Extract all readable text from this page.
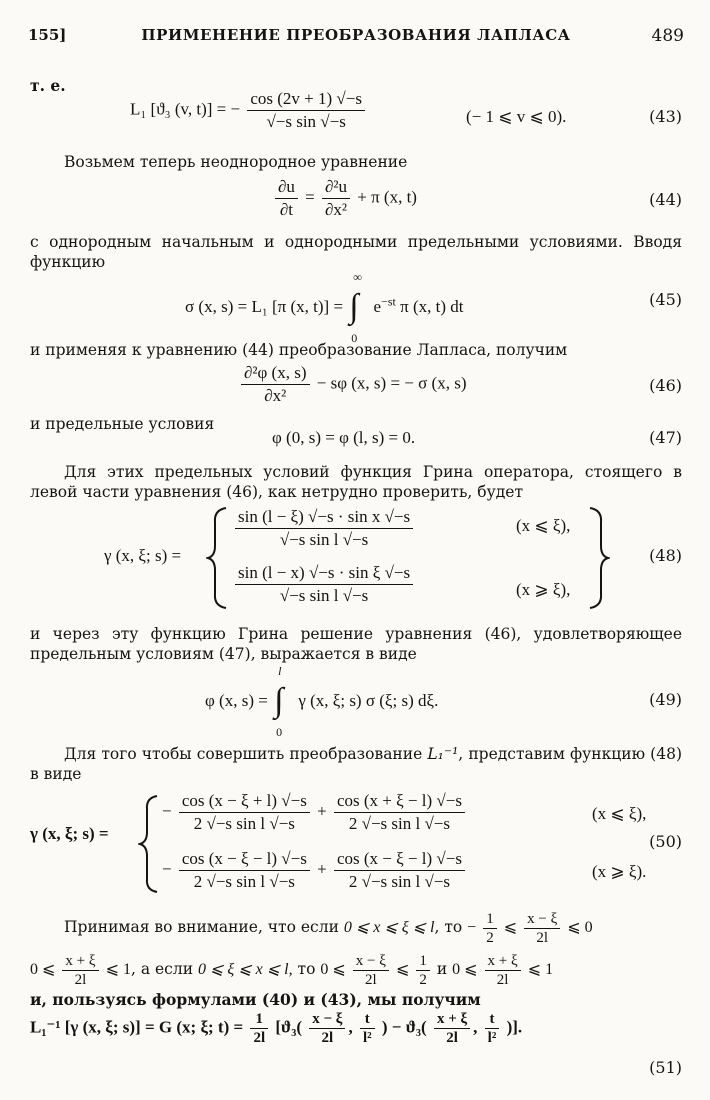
155]	ПРИМЕНЕНИЕ ПРЕОБРАЗОВАНИЯ ЛАПЛАСА	489
т. е.
L₁ [ϑ₃ (v, t)] = − $\frac{\cos (2v + 1) √-s}{\text{√−s sin √−s}}$	(− 1 ⩽ v ⩽ 0).	(43)
Возьмем теперь неоднородное уравнение
$\frac{\partial u}{\partial t} = \frac{\text{∂²u}}{\text{∂x²}} + \pi$ (x, t)	(44)
с однородным начальным и однородными предельными условиями. Вводя функцию
σ (x, s) = L₁ [π (x, t)] =
∞
∫
0
$e^{-st}$ π (x, t) dt	(45)
и применяя к уравнению (44) преобразование Лапласа, получим
$\frac{\text{∂²φ (x, s)}}{\text{∂x²}} - s\varphi$ (x, s) = − σ (x, s)	(46)
и предельные условия
φ (0, s) = φ (l, s) = 0.	(47)
Для этих предельных условий функция Грина оператора, стоящего в левой части уравнения (46), как нетрудно проверить, будет
γ (x, ξ; s) =
$\frac{\text{sin (l − ξ) √−s · sin x √−s}}{\text{√−s sin l √−s}}$	(x ⩽ ξ),
$\frac{\text{sin (l − x) √−s · sin ξ √−s}}{\text{√−s sin l √−s}}$	(x ⩾ ξ),
(48)
и через эту функцию Грина решение уравнения (46), удовлетворяющее предельным условиям (47), выражается в виде
φ (x, s) =
l
∫
0
γ (x, ξ; s) σ (ξ; s) dξ.	(49)
Для того чтобы совершить преобразование L₁⁻¹, представим функцию (48) в виде
γ (x, ξ; s) =
− $\frac{\cos (x - \xi + l) √-s}{\text{2 √−s sin l √−s}} + \frac{\cos (x + \xi - l) √-s}{\text{2 √−s sin l √−s}}$	(x ⩽ ξ),
− $\frac{\cos (x - \xi - l) √-s}{\text{2 √−s sin l √−s}} + \frac{\cos (x - \xi - l) √-s}{\text{2 √−s sin l √−s}}$	(x ⩾ ξ).
(50)
Принимая во внимание, что если 0 ⩽ x ⩽ ξ ⩽ l, то − $\frac{1}{2}$ ⩽ $\frac{x - \xi}{2l}$ ⩽ 0
0 ⩽ $\frac{x + \xi}{2l}$ ⩽ 1, а если 0 ⩽ ξ ⩽ x ⩽ l, то 0 ⩽ $\frac{x - \xi}{2l}$ ⩽ $\frac{1}{2}$ и 0 ⩽ $\frac{x + \xi}{2l}$ ⩽ 1
и, пользуясь формулами (40) и (43), мы получим
L₁⁻¹ [γ (x, ξ; s)] = G (x; ξ; $t) = \frac{1}{2l} [ϑ_3( \frac{x - \xi}{2l}$ , $\frac{t}{\text{l²}}$ ) − $ϑ_3( \frac{x + \xi}{2l}$ , $\frac{t}{\text{l²}}$ )].
(51)
